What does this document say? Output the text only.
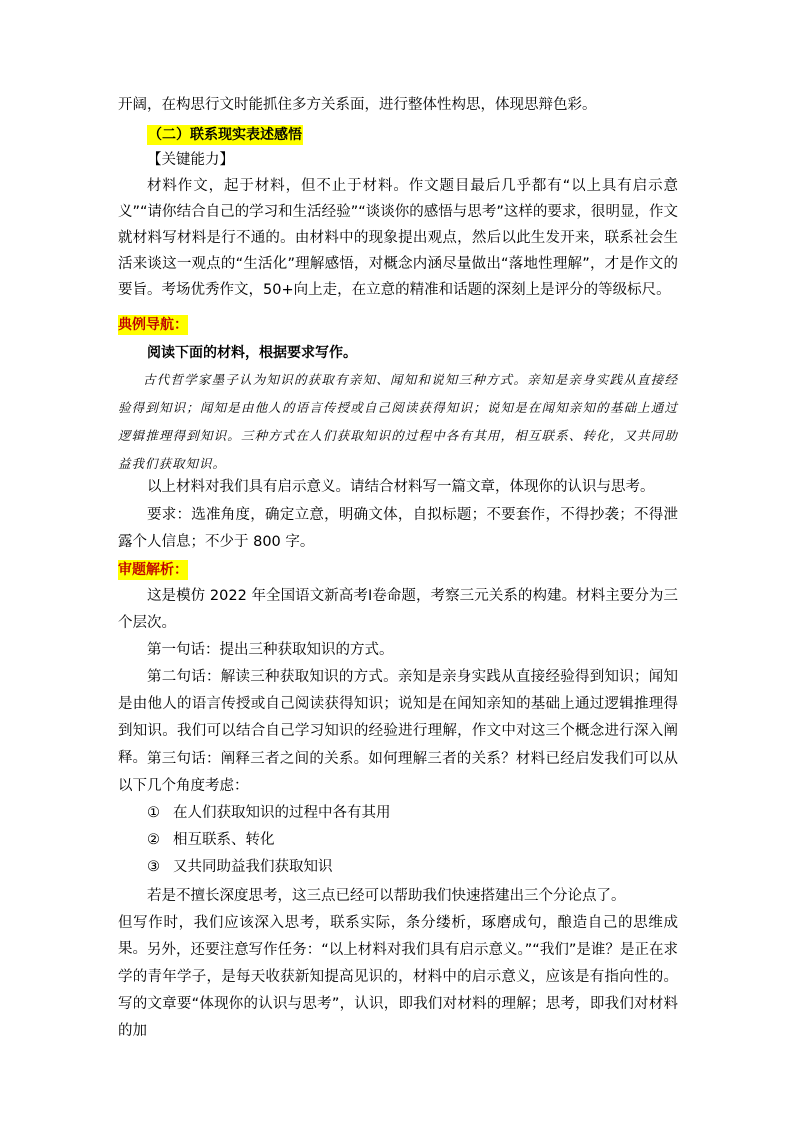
开阔，在构思行文时能抓住多方关系面，进行整体性构思，体现思辩色彩。

（二）联系现实表述感悟

【关键能力】

材料作文，起于材料，但不止于材料。作文题目最后几乎都有“以上具有启示意义”“请你结合自己的学习和生活经验”“谈谈你的感悟与思考”这样的要求，很明显，作文就材料写材料是行不通的。由材料中的现象提出观点，然后以此生发开来，联系社会生活来谈这一观点的“生活化”理解感悟，对概念内涵尽量做出“落地性理解”，才是作文的要旨。考场优秀作文，50+向上走，在立意的精准和话题的深刻上是评分的等级标尺。

典例导航：

阅读下面的材料，根据要求写作。

古代哲学家墨子认为知识的获取有亲知、闻知和说知三种方式。亲知是亲身实践从直接经验得到知识；闻知是由他人的语言传授或自己阅读获得知识；说知是在闻知亲知的基础上通过逻辑推理得到知识。三种方式在人们获取知识的过程中各有其用，相互联系、转化，又共同助益我们获取知识。

以上材料对我们具有启示意义。请结合材料写一篇文章，体现你的认识与思考。

要求：选准角度，确定立意，明确文体，自拟标题；不要套作，不得抄袭；不得泄露个人信息；不少于 800 字。

审题解析：

这是模仿 2022 年全国语文新高考Ⅰ卷命题，考察三元关系的构建。材料主要分为三个层次。

第一句话：提出三种获取知识的方式。

第二句话：解读三种获取知识的方式。亲知是亲身实践从直接经验得到知识；闻知是由他人的语言传授或自己阅读获得知识；说知是在闻知亲知的基础上通过逻辑推理得到知识。我们可以结合自己学习知识的经验进行理解，作文中对这三个概念进行深入阐释。 第三句话：阐释三者之间的关系。如何理解三者的关系？材料已经启发我们可以从以下几个角度考虑：

① 在人们获取知识的过程中各有其用

② 相互联系、转化

③ 又共同助益我们获取知识

若是不擅长深度思考，这三点已经可以帮助我们快速搭建出三个分论点了。

但写作时，我们应该深入思考，联系实际，条分缕析，琢磨成句，酿造自己的思维成果。 另外，还要注意写作任务：“以上材料对我们具有启示意义。”“我们”是谁？是正在求学的青年学子，是每天收获新知提高见识的，材料中的启示意义，应该是有指向性的。写的文章要“体现你的认识与思考”，认识，即我们对材料的理解；思考，即我们对材料的加
